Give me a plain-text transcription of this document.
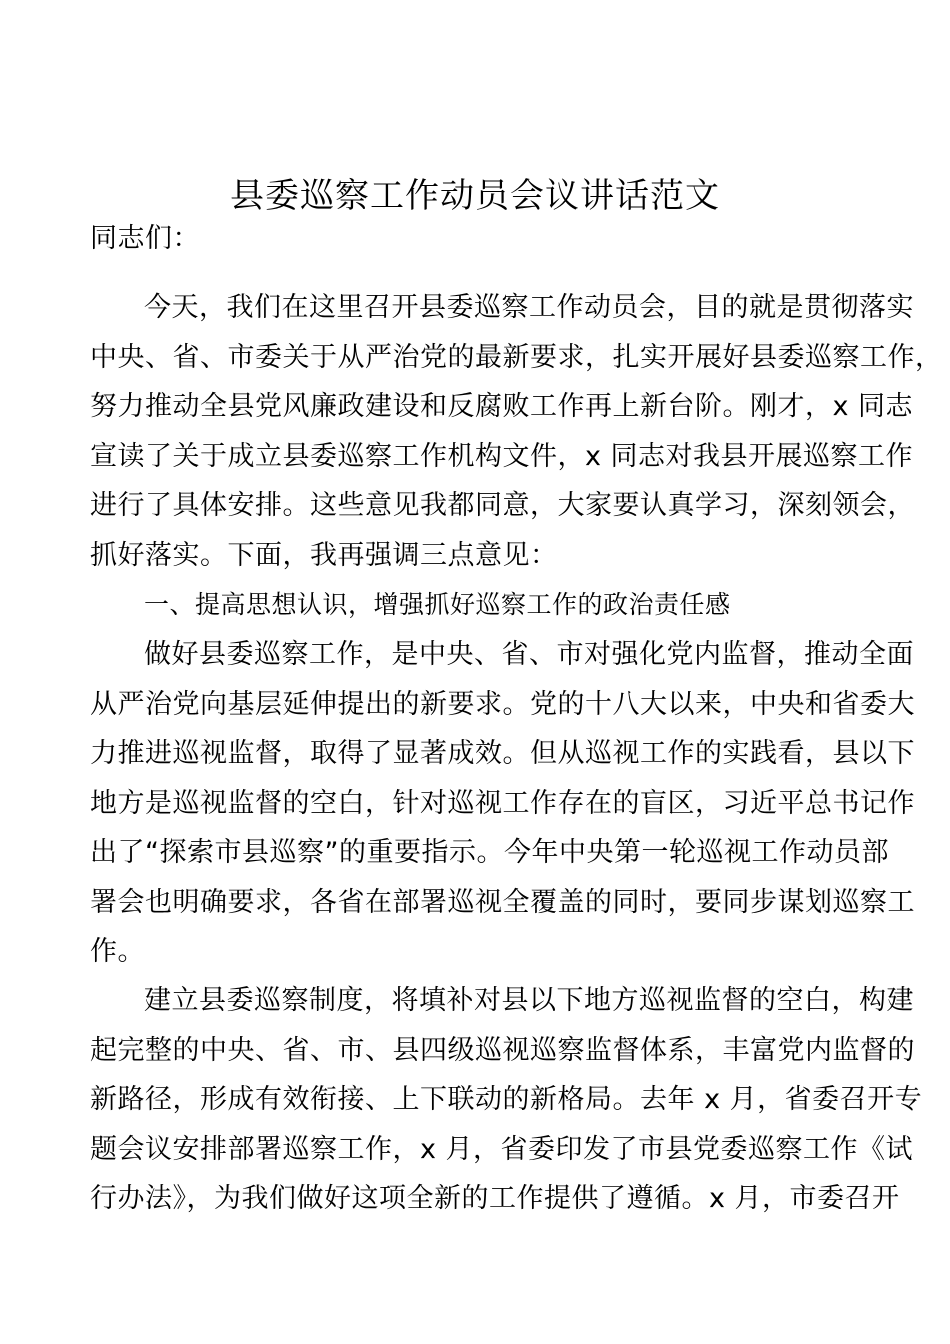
县委巡察工作动员会议讲话范文
同志们：
今天，我们在这里召开县委巡察工作动员会，目的就是贯彻落实
中央、省、市委关于从严治党的最新要求，扎实开展好县委巡察工作，
努力推动全县党风廉政建设和反腐败工作再上新台阶。刚才，x 同志
宣读了关于成立县委巡察工作机构文件，x 同志对我县开展巡察工作
进行了具体安排。这些意见我都同意，大家要认真学习，深刻领会，
抓好落实。下面，我再强调三点意见：
一、提高思想认识，增强抓好巡察工作的政治责任感
做好县委巡察工作，是中央、省、市对强化党内监督，推动全面
从严治党向基层延伸提出的新要求。党的十八大以来，中央和省委大
力推进巡视监督，取得了显著成效。但从巡视工作的实践看，县以下
地方是巡视监督的空白，针对巡视工作存在的盲区，习近平总书记作
出了“探索市县巡察”的重要指示。今年中央第一轮巡视工作动员部
署会也明确要求，各省在部署巡视全覆盖的同时，要同步谋划巡察工
作。
建立县委巡察制度，将填补对县以下地方巡视监督的空白，构建
起完整的中央、省、市、县四级巡视巡察监督体系，丰富党内监督的
新路径，形成有效衔接、上下联动的新格局。去年 x 月，省委召开专
题会议安排部署巡察工作，x 月，省委印发了市县党委巡察工作《试
行办法》，为我们做好这项全新的工作提供了遵循。x 月，市委召开
